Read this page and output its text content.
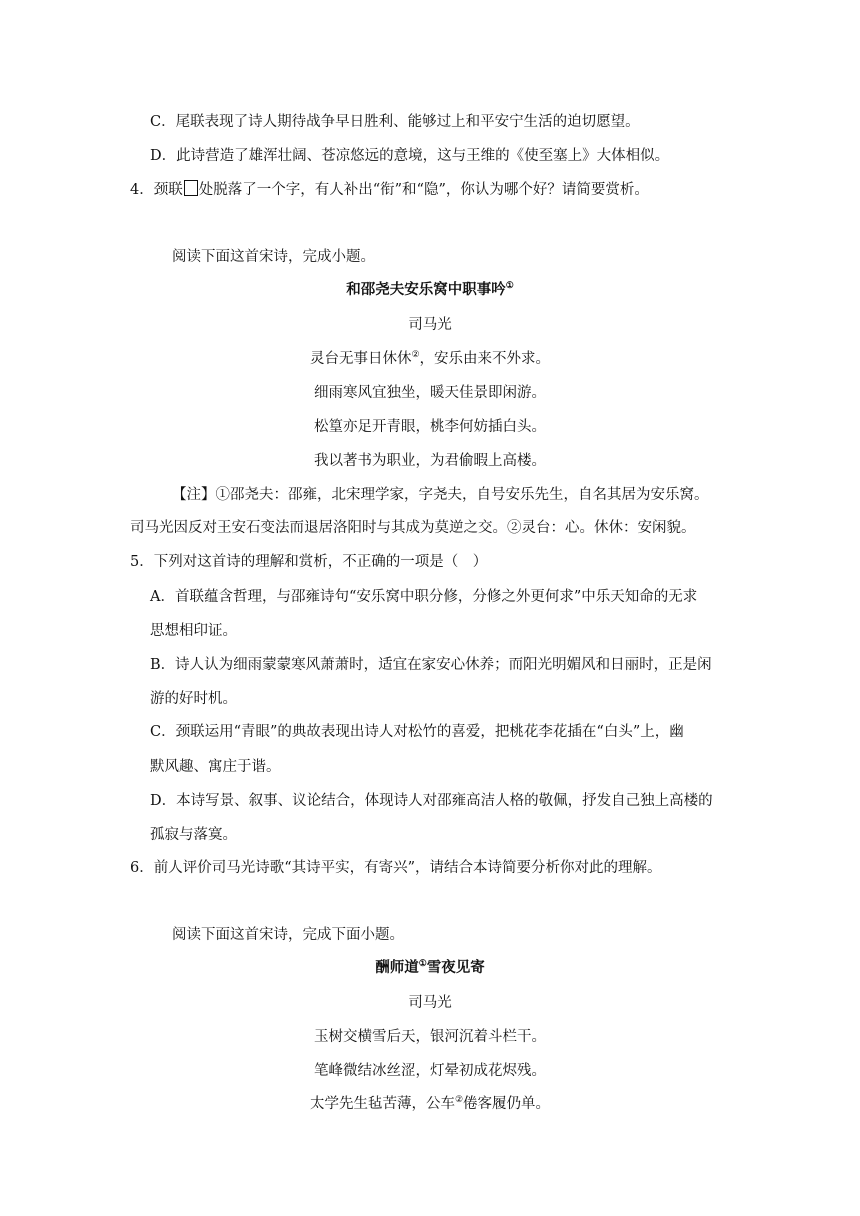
C．尾联表现了诗人期待战争早日胜利、能够过上和平安宁生活的迫切愿望。
D．此诗营造了雄浑壮阔、苍凉悠远的意境，这与王维的《使至塞上》大体相似。
4．颈联 处脱落了一个字，有人补出“衔”和“隐”，你认为哪个好？请简要赏析。
阅读下面这首宋诗，完成小题。
和邵尧夫安乐窝中职事吟①
司马光
灵台无事日休休②，安乐由来不外求。
细雨寒风宜独坐，暖天佳景即闲游。
松篁亦足开青眼，桃李何妨插白头。
我以著书为职业，为君偷暇上高楼。
【注】①邵尧夫：邵雍，北宋理学家，字尧夫，自号安乐先生，自名其居为安乐窝。
司马光因反对王安石变法而退居洛阳时与其成为莫逆之交。②灵台：心。休休：安闲貌。
5．下列对这首诗的理解和赏析，不正确的一项是（　）
A．首联蕴含哲理，与邵雍诗句“安乐窝中职分修，分修之外更何求”中乐天知命的无求
思想相印证。
B．诗人认为细雨蒙蒙寒风萧萧时，适宜在家安心休养；而阳光明媚风和日丽时，正是闲
游的好时机。
C．颈联运用“青眼”的典故表现出诗人对松竹的喜爱，把桃花李花插在“白头”上，幽
默风趣、寓庄于谐。
D．本诗写景、叙事、议论结合，体现诗人对邵雍高洁人格的敬佩，抒发自己独上高楼的
孤寂与落寞。
6．前人评价司马光诗歌“其诗平实，有寄兴”，请结合本诗简要分析你对此的理解。
阅读下面这首宋诗，完成下面小题。
酬师道①雪夜见寄
司马光
玉树交横雪后天，银河沉着斗栏干。
笔峰微结冰丝涩，灯晕初成花烬残。
太学先生毡苦薄，公车②倦客履仍单。
